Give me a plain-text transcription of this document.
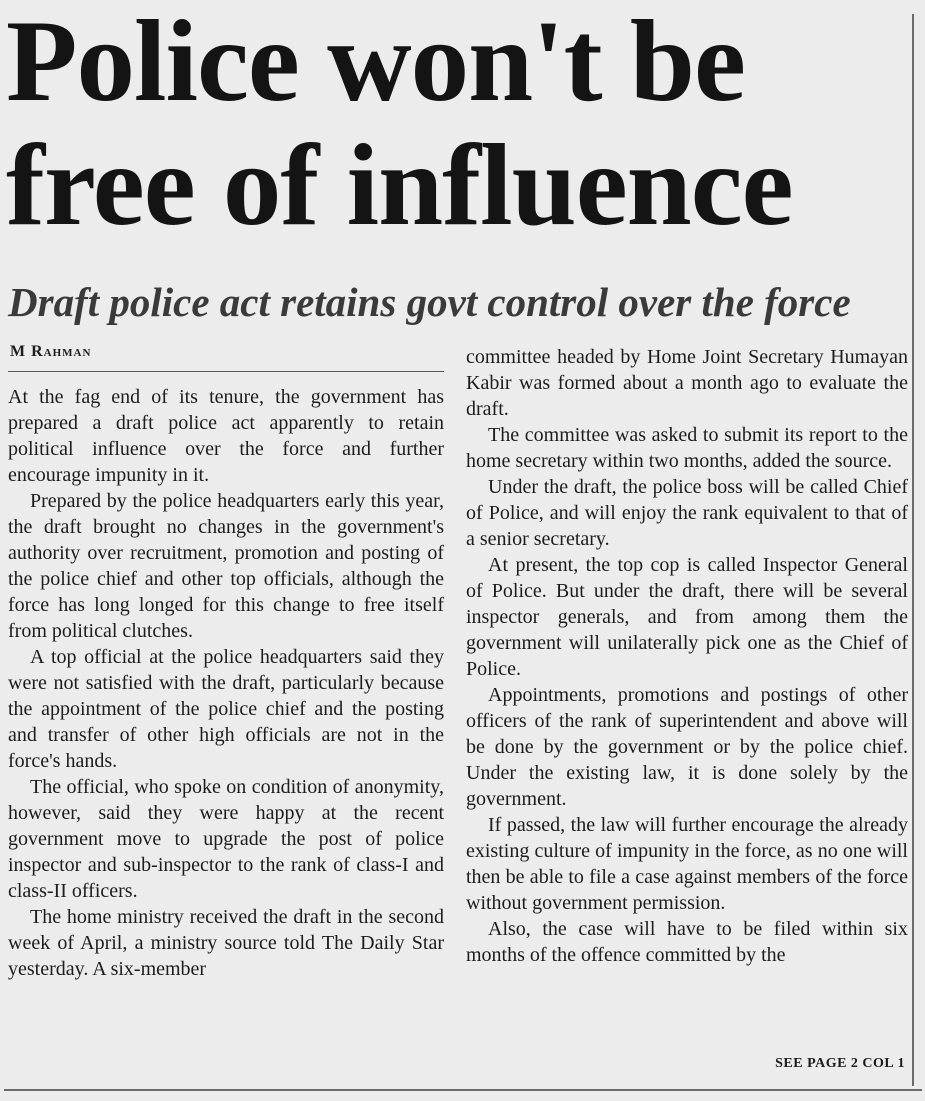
Police won't be
free of influence
Draft police act retains govt control over the force
M Rahman

At the fag end of its tenure, the government has prepared a draft police act apparently to retain political influence over the force and further encourage impunity in it.

Prepared by the police headquarters early this year, the draft brought no changes in the government's authority over recruitment, promotion and posting of the police chief and other top officials, although the force has long longed for this change to free itself from political clutches.

A top official at the police headquarters said they were not satisfied with the draft, particularly because the appointment of the police chief and the posting and transfer of other high officials are not in the force's hands.

The official, who spoke on condition of anonymity, however, said they were happy at the recent government move to upgrade the post of police inspector and sub-inspector to the rank of class-I and class-II officers.

The home ministry received the draft in the second week of April, a ministry source told The Daily Star yesterday. A six-member

committee headed by Home Joint Secretary Humayan Kabir was formed about a month ago to evaluate the draft.

The committee was asked to submit its report to the home secretary within two months, added the source.

Under the draft, the police boss will be called Chief of Police, and will enjoy the rank equivalent to that of a senior secretary.

At present, the top cop is called Inspector General of Police. But under the draft, there will be several inspector generals, and from among them the government will unilaterally pick one as the Chief of Police.

Appointments, promotions and postings of other officers of the rank of superintendent and above will be done by the government or by the police chief. Under the existing law, it is done solely by the government.

If passed, the law will further encourage the already existing culture of impunity in the force, as no one will then be able to file a case against members of the force without government permission.

Also, the case will have to be filed within six months of the offence committed by the

SEE PAGE 2 COL 1
